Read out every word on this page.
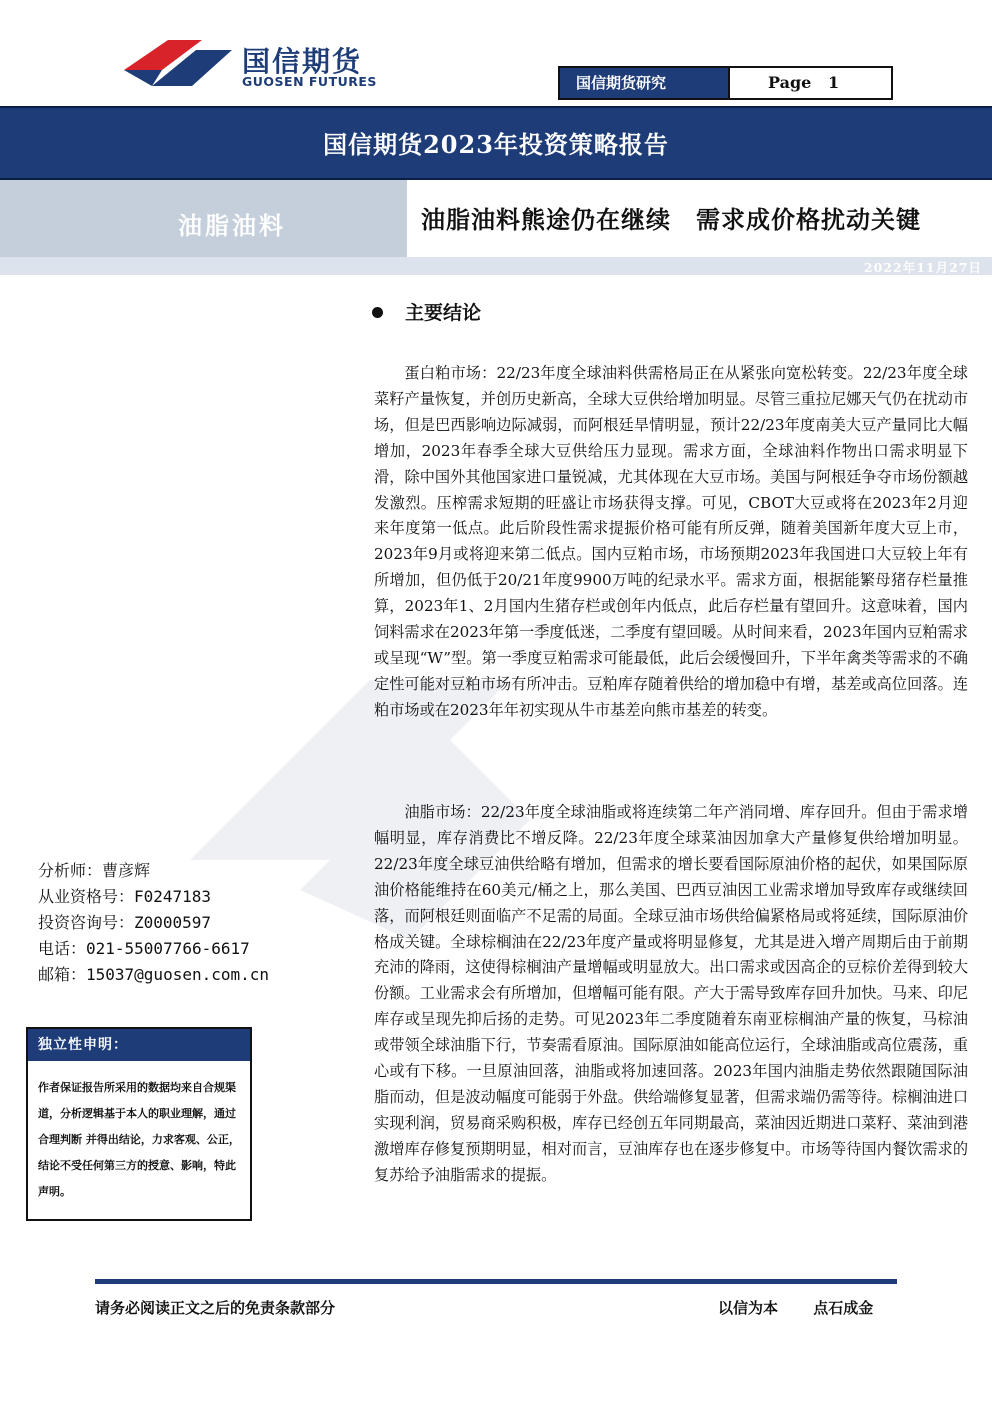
国信期货
GUOSEN FUTURES	国信期货研究	Page 1
国信期货2023年投资策略报告
油脂油料	油脂油料熊途仍在继续　需求成价格扰动关键
2022年11月27日
主要结论

蛋白粕市场：22/23年度全球油料供需格局正在从紧张向宽松转变。22/23年度全球菜籽产量恢复，并创历史新高，全球大豆供给增加明显。尽管三重拉尼娜天气仍在扰动市场，但是巴西影响边际减弱，而阿根廷旱情明显，预计22/23年度南美大豆产量同比大幅增加，2023年春季全球大豆供给压力显现。需求方面，全球油料作物出口需求明显下滑，除中国外其他国家进口量锐减，尤其体现在大豆市场。美国与阿根廷争夺市场份额越发激烈。压榨需求短期的旺盛让市场获得支撑。可见，CBOT大豆或将在2023年2月迎来年度第一低点。此后阶段性需求提振价格可能有所反弹，随着美国新年度大豆上市，2023年9月或将迎来第二低点。国内豆粕市场，市场预期2023年我国进口大豆较上年有所增加，但仍低于20/21年度9900万吨的纪录水平。需求方面，根据能繁母猪存栏量推算，2023年1、2月国内生猪存栏或创年内低点，此后存栏量有望回升。这意味着，国内饲料需求在2023年第一季度低迷，二季度有望回暖。从时间来看，2023年国内豆粕需求或呈现“W”型。第一季度豆粕需求可能最低，此后会缓慢回升，下半年禽类等需求的不确定性可能对豆粕市场有所冲击。豆粕库存随着供给的增加稳中有增，基差或高位回落。连粕市场或在2023年年初实现从牛市基差向熊市基差的转变。

油脂市场：22/23年度全球油脂或将连续第二年产消同增、库存回升。但由于需求增幅明显，库存消费比不增反降。22/23年度全球菜油因加拿大产量修复供给增加明显。22/23年度全球豆油供给略有增加，但需求的增长要看国际原油价格的起伏，如果国际原油价格能维持在60美元/桶之上，那么美国、巴西豆油因工业需求增加导致库存或继续回落，而阿根廷则面临产不足需的局面。全球豆油市场供给偏紧格局或将延续，国际原油价格成关键。全球棕榈油在22/23年度产量或将明显修复，尤其是进入增产周期后由于前期充沛的降雨，这使得棕榈油产量增幅或明显放大。出口需求或因高企的豆棕价差得到较大份额。工业需求会有所增加，但增幅可能有限。产大于需导致库存回升加快。马来、印尼库存或呈现先抑后扬的走势。可见2023年二季度随着东南亚棕榈油产量的恢复，马棕油或带领全球油脂下行，节奏需看原油。国际原油如能高位运行，全球油脂或高位震荡，重心或有下移。一旦原油回落，油脂或将加速回落。2023年国内油脂走势依然跟随国际油脂而动，但是波动幅度可能弱于外盘。供给端修复显著，但需求端仍需等待。棕榈油进口实现利润，贸易商采购积极，库存已经创五年同期最高，菜油因近期进口菜籽、菜油到港激增库存修复预期明显，相对而言，豆油库存也在逐步修复中。市场等待国内餐饮需求的复苏给予油脂需求的提振。

分析师：曹彦辉
从业资格号：F0247183
投资咨询号：Z0000597
电话：021-55007766-6617
邮箱：15037@guosen.com.cn
独立性申明：

作者保证报告所采用的数据均来自合规渠道，分析逻辑基于本人的职业理解，通过合理判断 并得出结论，力求客观、公正，结论不受任何第三方的授意、影响，特此声明。

请务必阅读正文之后的免责条款部分	以信为本 点石成金
